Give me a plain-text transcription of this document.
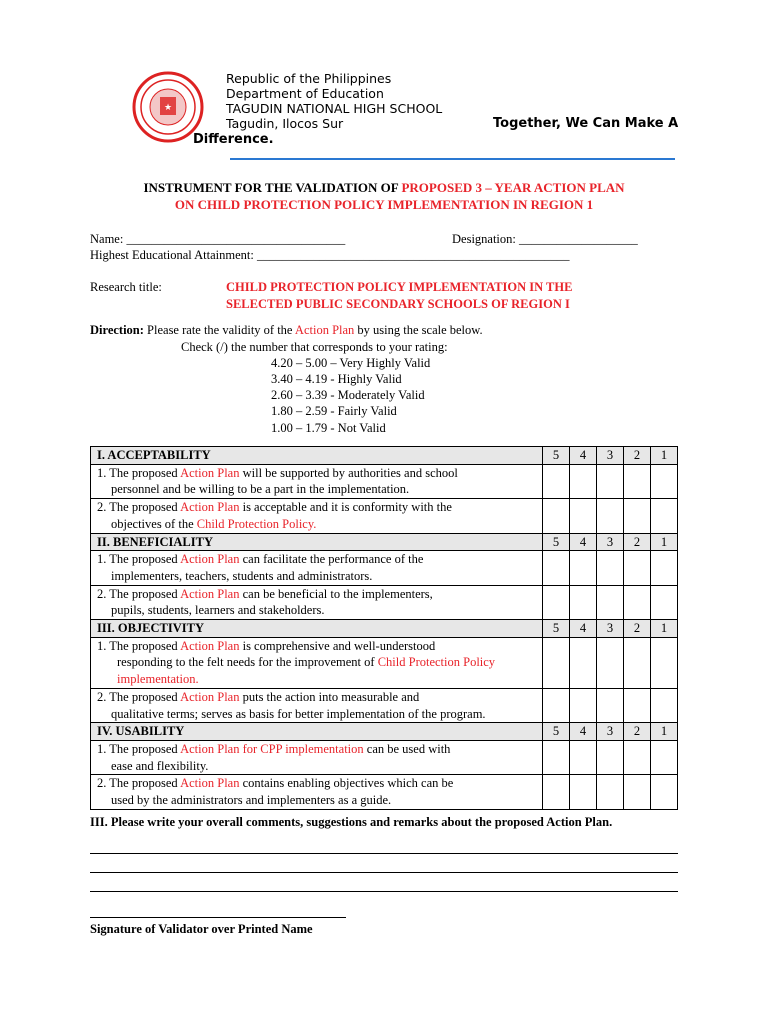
★
Republic of the Philippines
Department of Education
TAGUDIN NATIONAL HIGH SCHOOL
Tagudin, Ilocos Sur	Together, We Can Make A
Difference.
INSTRUMENT FOR THE VALIDATION OF PROPOSED 3 – YEAR ACTION PLAN
ON CHILD PROTECTION POLICY IMPLEMENTATION IN REGION 1
Name: ___________________________________	Designation: ___________________
Highest Educational Attainment: __________________________________________________
Research title:	CHILD PROTECTION POLICY IMPLEMENTATION IN THE
SELECTED PUBLIC SECONDARY SCHOOLS OF REGION I
Direction: Please rate the validity of the Action Plan by using the scale below.
Check (/) the number that corresponds to your rating:
4.20 – 5.00 – Very Highly Valid
3.40 – 4.19 - Highly Valid
2.60 – 3.39 - Moderately Valid
1.80 – 2.59 - Fairly Valid
1.00 – 1.79 - Not Valid
I. ACCEPTABILITY	5	4	3	2	1
1. The proposed Action Plan will be supported by authorities and school
personnel and be willing to be a part in the implementation.					

2. The proposed Action Plan is acceptable and it is conformity with the
objectives of the Child Protection Policy.					

II. BENEFICIALITY	5	4	3	2	1
1. The proposed Action Plan can facilitate the performance of the
implementers, teachers, students and administrators.					

2. The proposed Action Plan can be beneficial to the implementers,
pupils, students, learners and stakeholders.					

III. OBJECTIVITY	5	4	3	2	1
1. The proposed Action Plan is comprehensive and well-understood
responding to the felt needs for the improvement of Child Protection Policy implementation.					

2. The proposed Action Plan puts the action into measurable and
qualitative terms; serves as basis for better implementation of the program.					

IV. USABILITY	5	4	3	2	1
1. The proposed Action Plan for CPP implementation can be used with
ease and flexibility.					

2. The proposed Action Plan contains enabling objectives which can be
used by the administrators and implementers as a guide.					

III. Please write your overall comments, suggestions and remarks about the proposed Action Plan.
Signature of Validator over Printed Name
